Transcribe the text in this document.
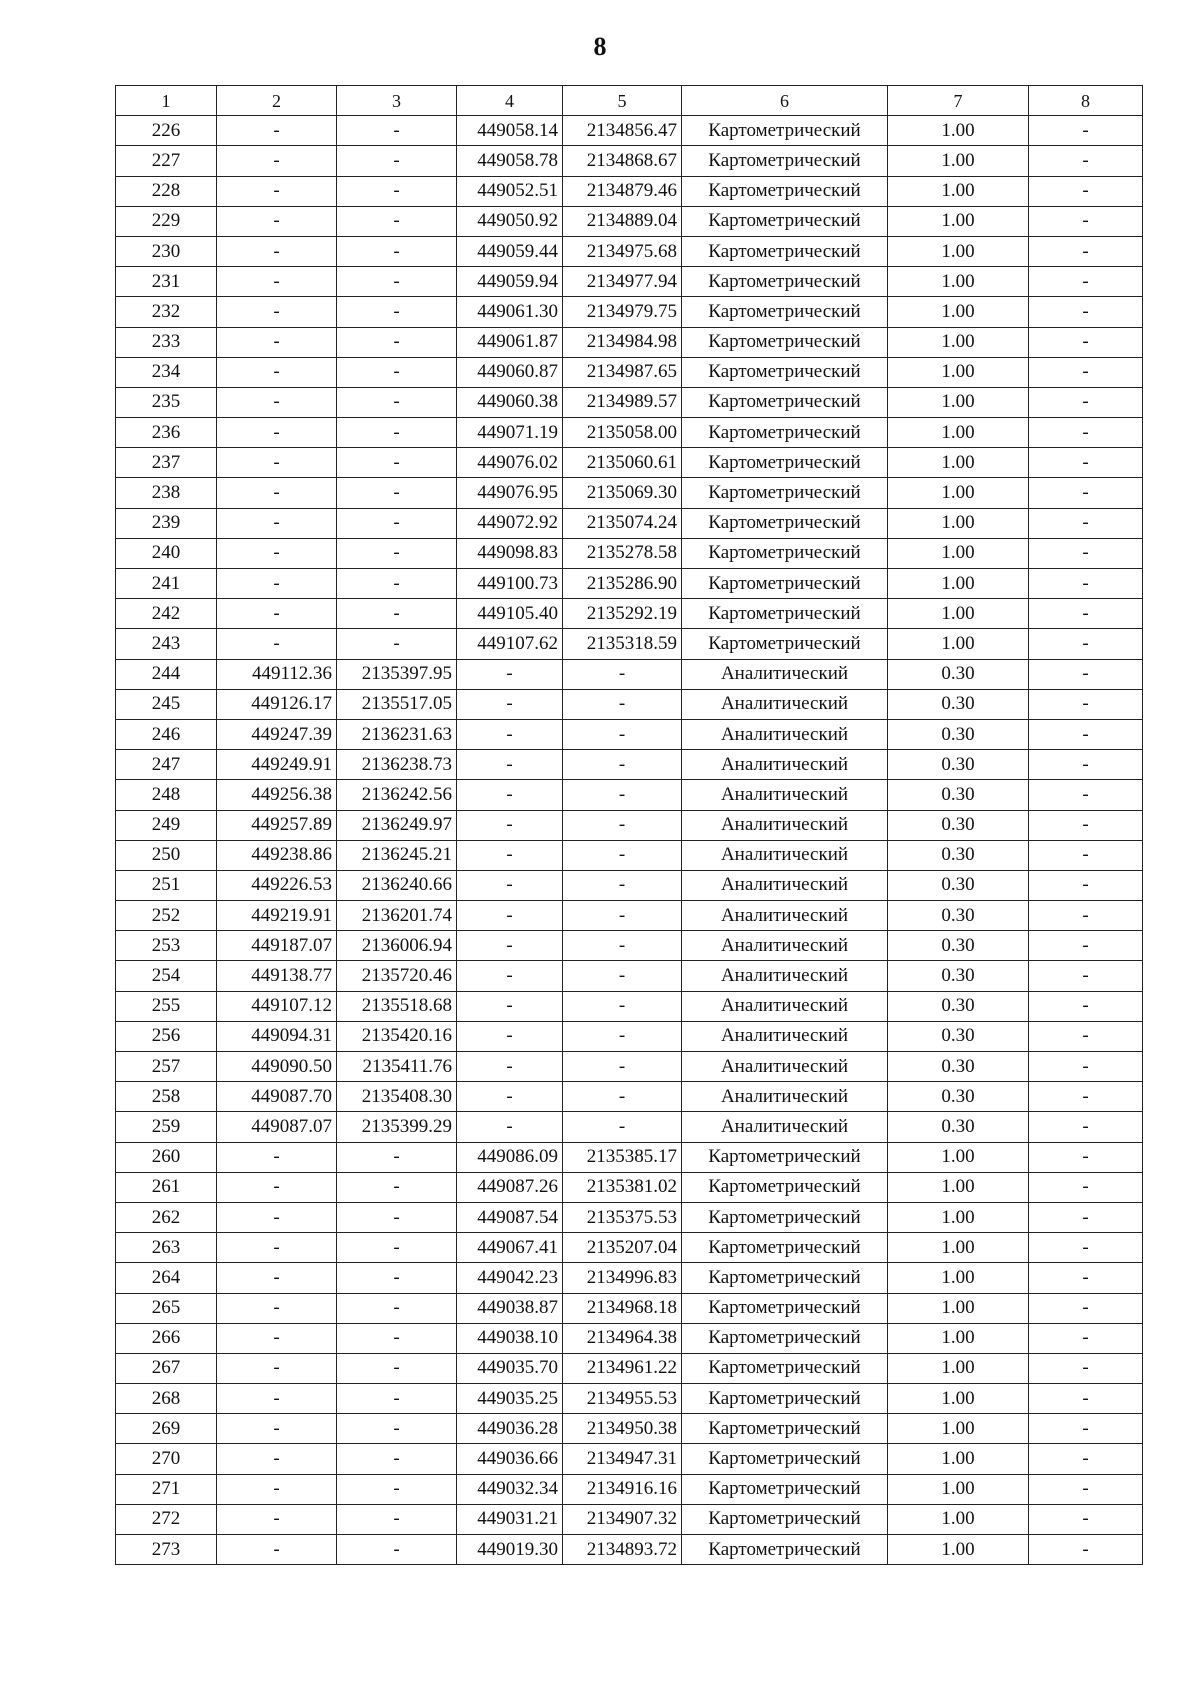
8
1	2	3	4	5	6	7	8
226	-	-	449058.14	2134856.47	Картометрический	1.00	-
227	-	-	449058.78	2134868.67	Картометрический	1.00	-
228	-	-	449052.51	2134879.46	Картометрический	1.00	-
229	-	-	449050.92	2134889.04	Картометрический	1.00	-
230	-	-	449059.44	2134975.68	Картометрический	1.00	-
231	-	-	449059.94	2134977.94	Картометрический	1.00	-
232	-	-	449061.30	2134979.75	Картометрический	1.00	-
233	-	-	449061.87	2134984.98	Картометрический	1.00	-
234	-	-	449060.87	2134987.65	Картометрический	1.00	-
235	-	-	449060.38	2134989.57	Картометрический	1.00	-
236	-	-	449071.19	2135058.00	Картометрический	1.00	-
237	-	-	449076.02	2135060.61	Картометрический	1.00	-
238	-	-	449076.95	2135069.30	Картометрический	1.00	-
239	-	-	449072.92	2135074.24	Картометрический	1.00	-
240	-	-	449098.83	2135278.58	Картометрический	1.00	-
241	-	-	449100.73	2135286.90	Картометрический	1.00	-
242	-	-	449105.40	2135292.19	Картометрический	1.00	-
243	-	-	449107.62	2135318.59	Картометрический	1.00	-
244	449112.36	2135397.95	-	-	Аналитический	0.30	-
245	449126.17	2135517.05	-	-	Аналитический	0.30	-
246	449247.39	2136231.63	-	-	Аналитический	0.30	-
247	449249.91	2136238.73	-	-	Аналитический	0.30	-
248	449256.38	2136242.56	-	-	Аналитический	0.30	-
249	449257.89	2136249.97	-	-	Аналитический	0.30	-
250	449238.86	2136245.21	-	-	Аналитический	0.30	-
251	449226.53	2136240.66	-	-	Аналитический	0.30	-
252	449219.91	2136201.74	-	-	Аналитический	0.30	-
253	449187.07	2136006.94	-	-	Аналитический	0.30	-
254	449138.77	2135720.46	-	-	Аналитический	0.30	-
255	449107.12	2135518.68	-	-	Аналитический	0.30	-
256	449094.31	2135420.16	-	-	Аналитический	0.30	-
257	449090.50	2135411.76	-	-	Аналитический	0.30	-
258	449087.70	2135408.30	-	-	Аналитический	0.30	-
259	449087.07	2135399.29	-	-	Аналитический	0.30	-
260	-	-	449086.09	2135385.17	Картометрический	1.00	-
261	-	-	449087.26	2135381.02	Картометрический	1.00	-
262	-	-	449087.54	2135375.53	Картометрический	1.00	-
263	-	-	449067.41	2135207.04	Картометрический	1.00	-
264	-	-	449042.23	2134996.83	Картометрический	1.00	-
265	-	-	449038.87	2134968.18	Картометрический	1.00	-
266	-	-	449038.10	2134964.38	Картометрический	1.00	-
267	-	-	449035.70	2134961.22	Картометрический	1.00	-
268	-	-	449035.25	2134955.53	Картометрический	1.00	-
269	-	-	449036.28	2134950.38	Картометрический	1.00	-
270	-	-	449036.66	2134947.31	Картометрический	1.00	-
271	-	-	449032.34	2134916.16	Картометрический	1.00	-
272	-	-	449031.21	2134907.32	Картометрический	1.00	-
273	-	-	449019.30	2134893.72	Картометрический	1.00	-
